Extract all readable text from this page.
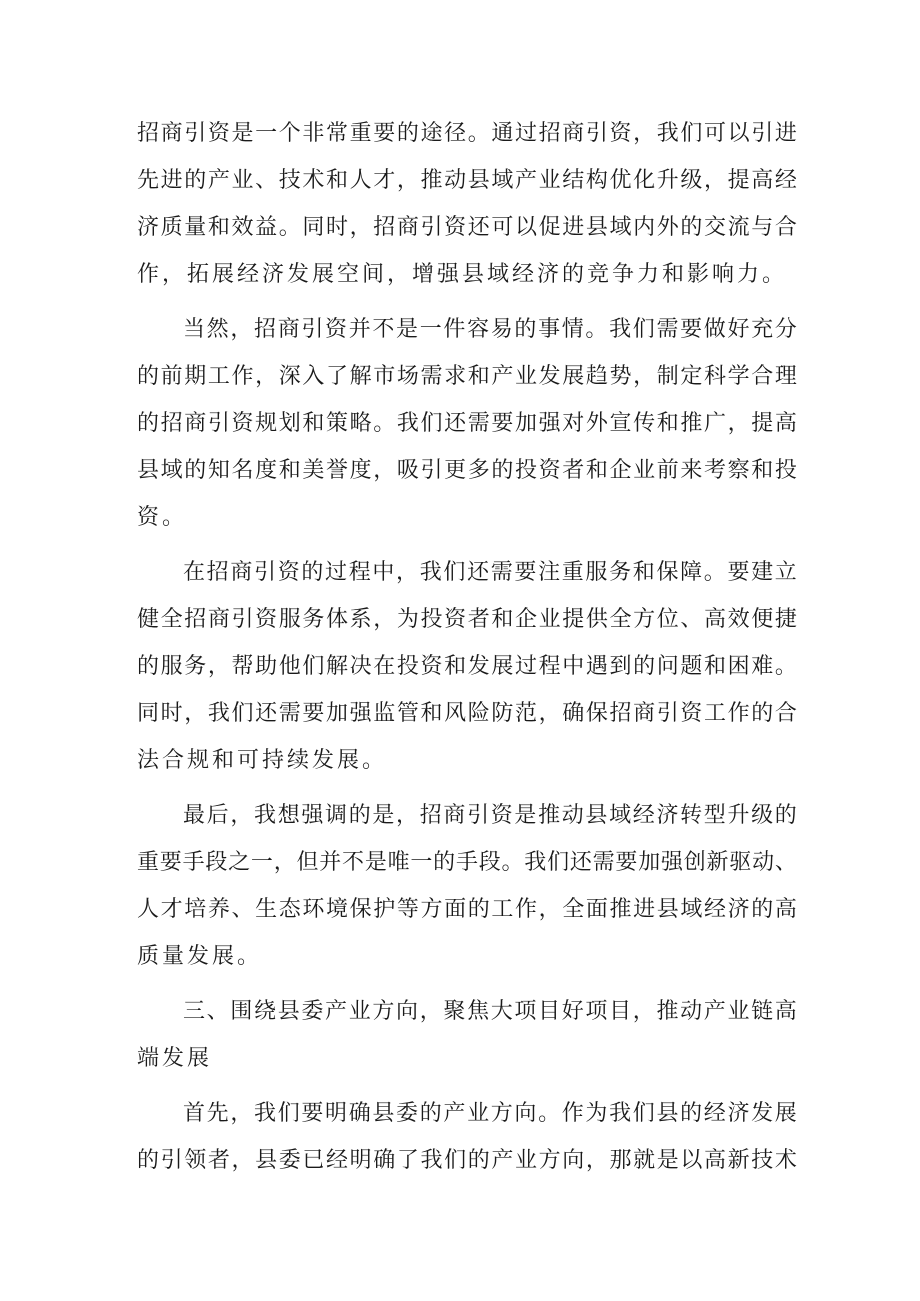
招 商 引 资 是 一 个 非 常 重 要 的 途 径 。 通 过 招 商 引 资 ， 我 们 可 以 引 进
先 进 的 产 业 、 技 术 和 人 才 ， 推 动 县 域 产 业 结 构 优 化 升 级 ， 提 高 经
济 质 量 和 效 益 。 同 时 ， 招 商 引 资 还 可 以 促 进 县 域 内 外 的 交 流 与 合
作，拓展经济发展空间，增强县域经济的竞争力和影响力。
当 然 ， 招 商 引 资 并 不 是 一 件 容 易 的 事 情 。 我 们 需 要 做 好 充 分
的 前 期 工 作 ， 深 入 了 解 市 场 需 求 和 产 业 发 展 趋 势 ， 制 定 科 学 合 理
的 招 商 引 资 规 划 和 策 略 。 我 们 还 需 要 加 强 对 外 宣 传 和 推 广 ， 提 高
县 域 的 知 名 度 和 美 誉 度 ， 吸 引 更 多 的 投 资 者 和 企 业 前 来 考 察 和 投
资。
在 招 商 引 资 的 过 程 中 ， 我 们 还 需 要 注 重 服 务 和 保 障 。 要 建 立
健 全 招 商 引 资 服 务 体 系 ， 为 投 资 者 和 企 业 提 供 全 方 位 、 高 效 便 捷
的 服 务 ， 帮 助 他 们 解 决 在 投 资 和 发 展 过 程 中 遇 到 的 问 题 和 困 难 。
同 时 ， 我 们 还 需 要 加 强 监 管 和 风 险 防 范 ， 确 保 招 商 引 资 工 作 的 合
法合规和可持续发展。
最 后 ， 我 想 强 调 的 是 ， 招 商 引 资 是 推 动 县 域 经 济 转 型 升 级 的
重 要 手 段 之 一 ， 但 并 不 是 唯 一 的 手 段 。 我 们 还 需 要 加 强 创 新 驱 动 、
人 才 培 养 、 生 态 环 境 保 护 等 方 面 的 工 作 ， 全 面 推 进 县 域 经 济 的 高
质量发展。
三 、 围 绕 县 委 产 业 方 向 ， 聚 焦 大 项 目 好 项 目 ， 推 动 产 业 链 高
端发展
首 先 ， 我 们 要 明 确 县 委 的 产 业 方 向 。 作 为 我 们 县 的 经 济 发 展
的 引 领 者 ， 县 委 已 经 明 确 了 我 们 的 产 业 方 向 ， 那 就 是 以 高 新 技 术
